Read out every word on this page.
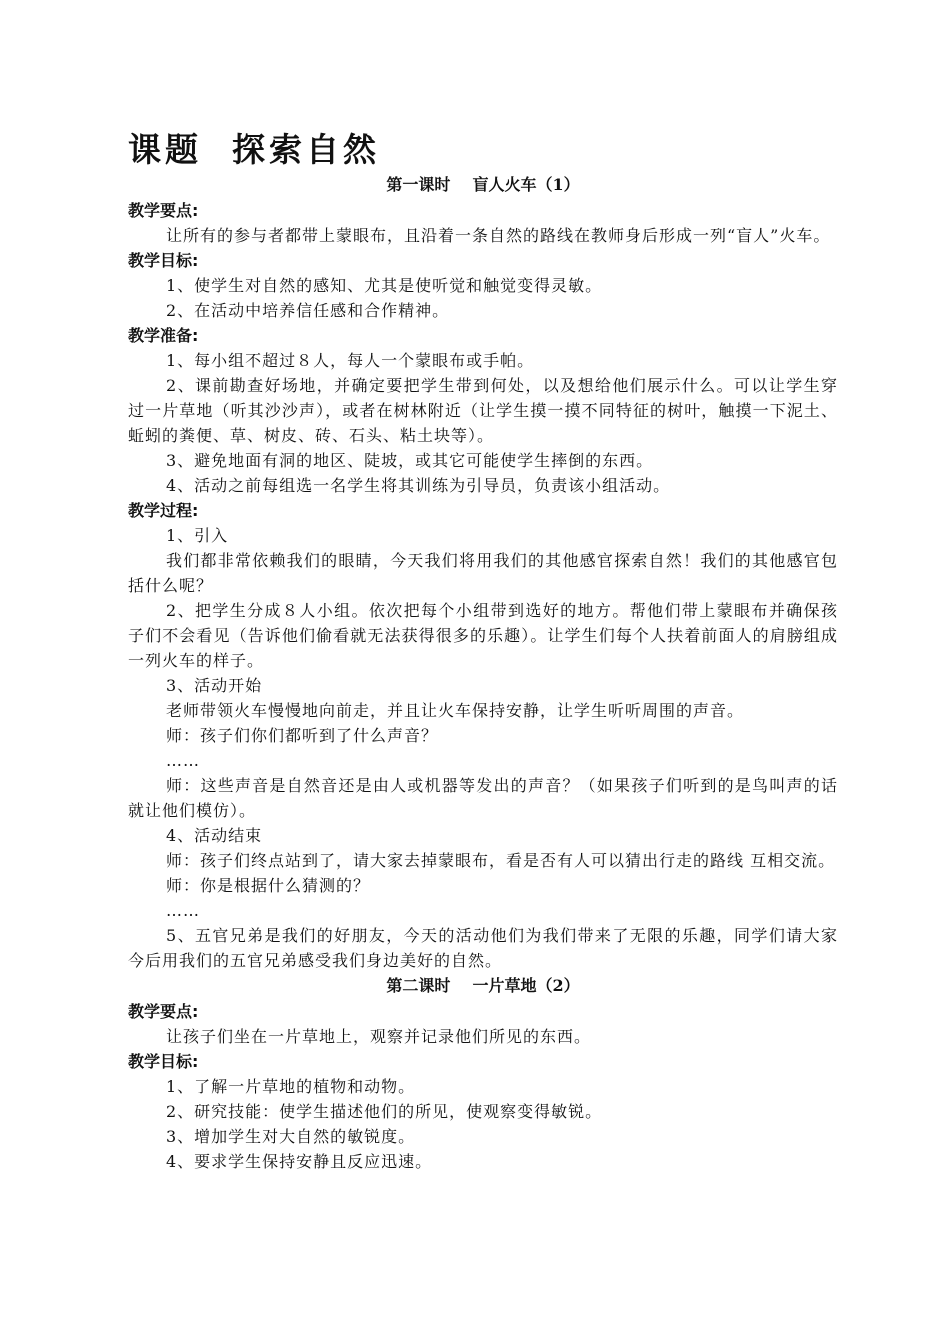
课题 探索自然

第一课时 盲人火车（1）

教学要点:

让所有的参与者都带上蒙眼布，且沿着一条自然的路线在教师身后形成一列“盲人”火车。

教学目标:

1、使学生对自然的感知、尤其是使听觉和触觉变得灵敏。

2、在活动中培养信任感和合作精神。

教学准备:

1、每小组不超过８人，每人一个蒙眼布或手帕。

2、课前勘查好场地，并确定要把学生带到何处，以及想给他们展示什么。可以让学生穿过一片草地（听其沙沙声），或者在树林附近（让学生摸一摸不同特征的树叶，触摸一下泥土、蚯蚓的粪便、草、树皮、砖、石头、粘土块等）。

3、避免地面有洞的地区、陡坡，或其它可能使学生摔倒的东西。

4、活动之前每组选一名学生将其训练为引导员，负责该小组活动。

教学过程:

1、引入

我们都非常依赖我们的眼睛，今天我们将用我们的其他感官探索自然！我们的其他感官包括什么呢？

2、把学生分成８人小组。依次把每个小组带到选好的地方。帮他们带上蒙眼布并确保孩子们不会看见（告诉他们偷看就无法获得很多的乐趣）。让学生们每个人扶着前面人的肩膀组成一列火车的样子。

3、活动开始

老师带领火车慢慢地向前走，并且让火车保持安静，让学生听听周围的声音。

师：孩子们你们都听到了什么声音？

……

师：这些声音是自然音还是由人或机器等发出的声音？（如果孩子们听到的是鸟叫声的话就让他们模仿）。

4、活动结束

师：孩子们终点站到了，请大家去掉蒙眼布，看是否有人可以猜出行走的路线 互相交流。

师：你是根据什么猜测的？

……

5、五官兄弟是我们的好朋友，今天的活动他们为我们带来了无限的乐趣，同学们请大家今后用我们的五官兄弟感受我们身边美好的自然。

第二课时 一片草地（2）

教学要点:

让孩子们坐在一片草地上，观察并记录他们所见的东西。

教学目标:

1、了解一片草地的植物和动物。

2、研究技能：使学生描述他们的所见，使观察变得敏锐。

3、增加学生对大自然的敏锐度。

4、要求学生保持安静且反应迅速。
